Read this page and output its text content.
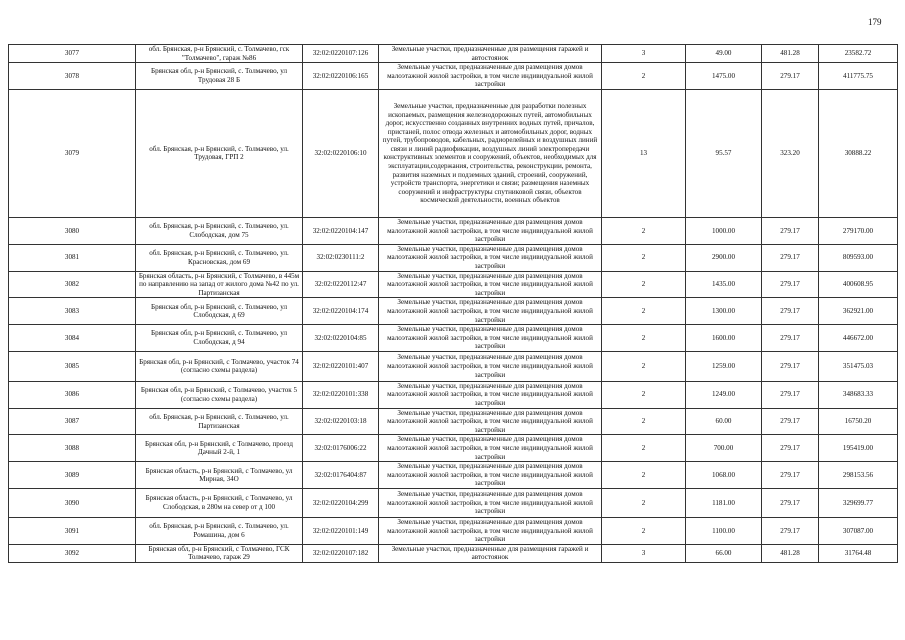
179
3077	обл. Брянская, р-н Брянский, с. Толмачево, гск "Толмачево", гараж №86	32:02:0220107:126	Земельные участки, предназначенные для размещения гаражей и автостоянок	3	49.00	481.28	23582.72
3078	Брянская обл, р-н Брянский, с. Толмачево, ул Трудовая 28 Б	32:02:0220106:165	Земельные участки, предназначенные для размещения домов малоэтажной жилой застройки, в том числе индивидуальной жилой застройки	2	1475.00	279.17	411775.75
3079	обл. Брянская, р-н Брянский, с. Толмачево, ул. Трудовая, ГРП 2	32:02:0220106:10	Земельные участки, предназначенные для разработки полезных ископаемых, размещения железнодорожных путей, автомобильных дорог, искусственно созданных внутренних водных путей, причалов, пристаней, полос отвода железных и автомобильных дорог, водных путей, трубопроводов, кабельных, радиорелейных и воздушных линий связи и линий радиофикации, воздушных линий электропередачи конструктивных элементов и сооружений, объектов, необходимых для эксплуатации,содержания, строительства, реконструкции, ремонта, развития наземных и подземных зданий, строений, сооружений, устройств транспорта, энергетики и связи; размещения наземных сооружений и инфраструктуры спутниковой связи, объектов космической деятельности, военных объектов	13	95.57	323.20	30888.22
3080	обл. Брянская, р-н Брянский, с. Толмачево, ул. Слободская, дом 75	32:02:0220104:147	Земельные участки, предназначенные для размещения домов малоэтажной жилой застройки, в том числе индивидуальной жилой застройки	2	1000.00	279.17	279170.00
3081	обл. Брянская, р-н Брянский, с. Толмачево, ул. Красновская, дом 69	32:02:0230111:2	Земельные участки, предназначенные для размещения домов малоэтажной жилой застройки, в том числе индивидуальной жилой застройки	2	2900.00	279.17	809593.00
3082	Брянская область, р-н Брянский, с Толмачево, в 445м по направлению на запад от жилого дома №42 по ул. Партизанская	32:02:0220112:47	Земельные участки, предназначенные для размещения домов малоэтажной жилой застройки, в том числе индивидуальной жилой застройки	2	1435.00	279.17	400608.95
3083	Брянская обл, р-н Брянский, с. Толмачево, ул Слободская, д 69	32:02:0220104:174	Земельные участки, предназначенные для размещения домов малоэтажной жилой застройки, в том числе индивидуальной жилой застройки	2	1300.00	279.17	362921.00
3084	Брянская обл, р-н Брянский, с. Толмачево, ул Слободская, д 94	32:02:0220104:85	Земельные участки, предназначенные для размещения домов малоэтажной жилой застройки, в том числе индивидуальной жилой застройки	2	1600.00	279.17	446672.00
3085	Брянская обл, р-н Брянский, с Толмачево, участок 74 (согласно схемы раздела)	32:02:0220101:407	Земельные участки, предназначенные для размещения домов малоэтажной жилой застройки, в том числе индивидуальной жилой застройки	2	1259.00	279.17	351475.03
3086	Брянская обл, р-н Брянский, с Толмачево, участок 5 (согласно схемы раздела)	32:02:0220101:338	Земельные участки, предназначенные для размещения домов малоэтажной жилой застройки, в том числе индивидуальной жилой застройки	2	1249.00	279.17	348683.33
3087	обл. Брянская, р-н Брянский, с. Толмачево, ул. Партизанская	32:02:0220103:18	Земельные участки, предназначенные для размещения домов малоэтажной жилой застройки, в том числе индивидуальной жилой застройки	2	60.00	279.17	16750.20
3088	Брянская обл, р-н Брянский, с Толмачево, проезд Дачный 2-й, 1	32:02:0176006:22	Земельные участки, предназначенные для размещения домов малоэтажной жилой застройки, в том числе индивидуальной жилой застройки	2	700.00	279.17	195419.00
3089	Брянская область, р-н Брянский, с Толмачево, ул Мирная, 34О	32:02:0176404:87	Земельные участки, предназначенные для размещения домов малоэтажной жилой застройки, в том числе индивидуальной жилой застройки	2	1068.00	279.17	298153.56
3090	Брянская область, р-н Брянский, с Толмачево, ул Слободская, в 280м на север от д 100	32:02:0220104:299	Земельные участки, предназначенные для размещения домов малоэтажной жилой застройки, в том числе индивидуальной жилой застройки	2	1181.00	279.17	329699.77
3091	обл. Брянская, р-н Брянский, с. Толмачево, ул. Ромашина, дом 6	32:02:0220101:149	Земельные участки, предназначенные для размещения домов малоэтажной жилой застройки, в том числе индивидуальной жилой застройки	2	1100.00	279.17	307087.00
3092	Брянская обл, р-н Брянский, с Толмачево, ГСК Толмачево, гараж 29	32:02:0220107:182	Земельные участки, предназначенные для размещения гаражей и автостоянок	3	66.00	481.28	31764.48
